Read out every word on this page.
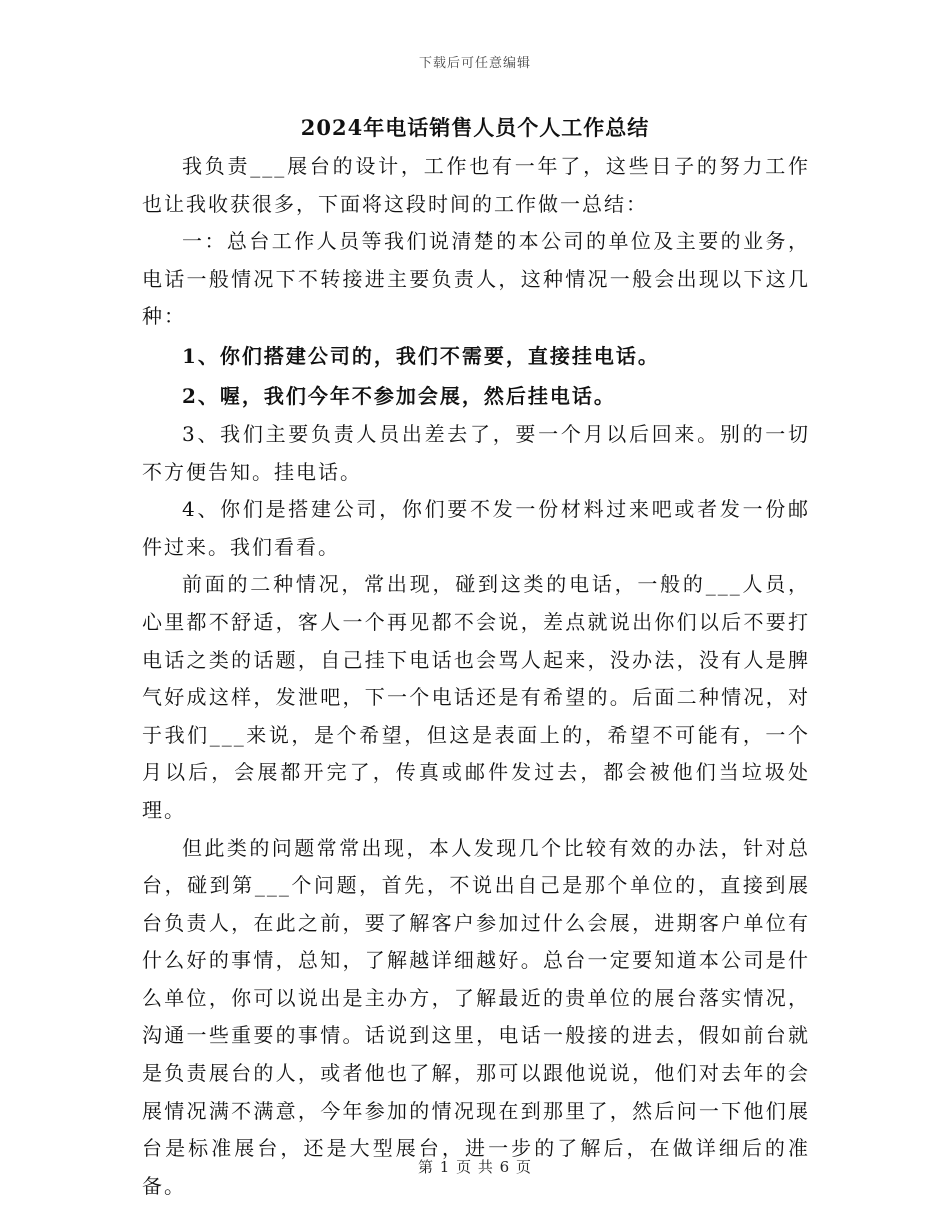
下载后可任意编辑
2024年电话销售人员个人工作总结

我负责___展台的设计，工作也有一年了，这些日子的努力工作也让我收获很多，下面将这段时间的工作做一总结：

一：总台工作人员等我们说清楚的本公司的单位及主要的业务，电话一般情况下不转接进主要负责人，这种情况一般会出现以下这几种：

1、你们搭建公司的，我们不需要，直接挂电话。

2、喔，我们今年不参加会展，然后挂电话。

3、我们主要负责人员出差去了，要一个月以后回来。别的一切不方便告知。挂电话。

4、你们是搭建公司，你们要不发一份材料过来吧或者发一份邮件过来。我们看看。

前面的二种情况，常出现，碰到这类的电话，一般的___人员，心里都不舒适，客人一个再见都不会说，差点就说出你们以后不要打电话之类的话题，自己挂下电话也会骂人起来，没办法，没有人是脾气好成这样，发泄吧，下一个电话还是有希望的。后面二种情况，对于我们___来说，是个希望，但这是表面上的，希望不可能有，一个月以后，会展都开完了，传真或邮件发过去，都会被他们当垃圾处理。

但此类的问题常常出现，本人发现几个比较有效的办法，针对总台，碰到第___个问题，首先，不说出自己是那个单位的，直接到展台负责人，在此之前，要了解客户参加过什么会展，进期客户单位有什么好的事情，总知，了解越详细越好。总台一定要知道本公司是什么单位，你可以说出是主办方，了解最近的贵单位的展台落实情况，沟通一些重要的事情。话说到这里，电话一般接的进去，假如前台就是负责展台的人，或者他也了解，那可以跟他说说，他们对去年的会展情况满不满意，今年参加的情况现在到那里了，然后问一下他们展台是标准展台，还是大型展台，进一步的了解后，在做详细后的准备。

第 1 页 共 6 页
